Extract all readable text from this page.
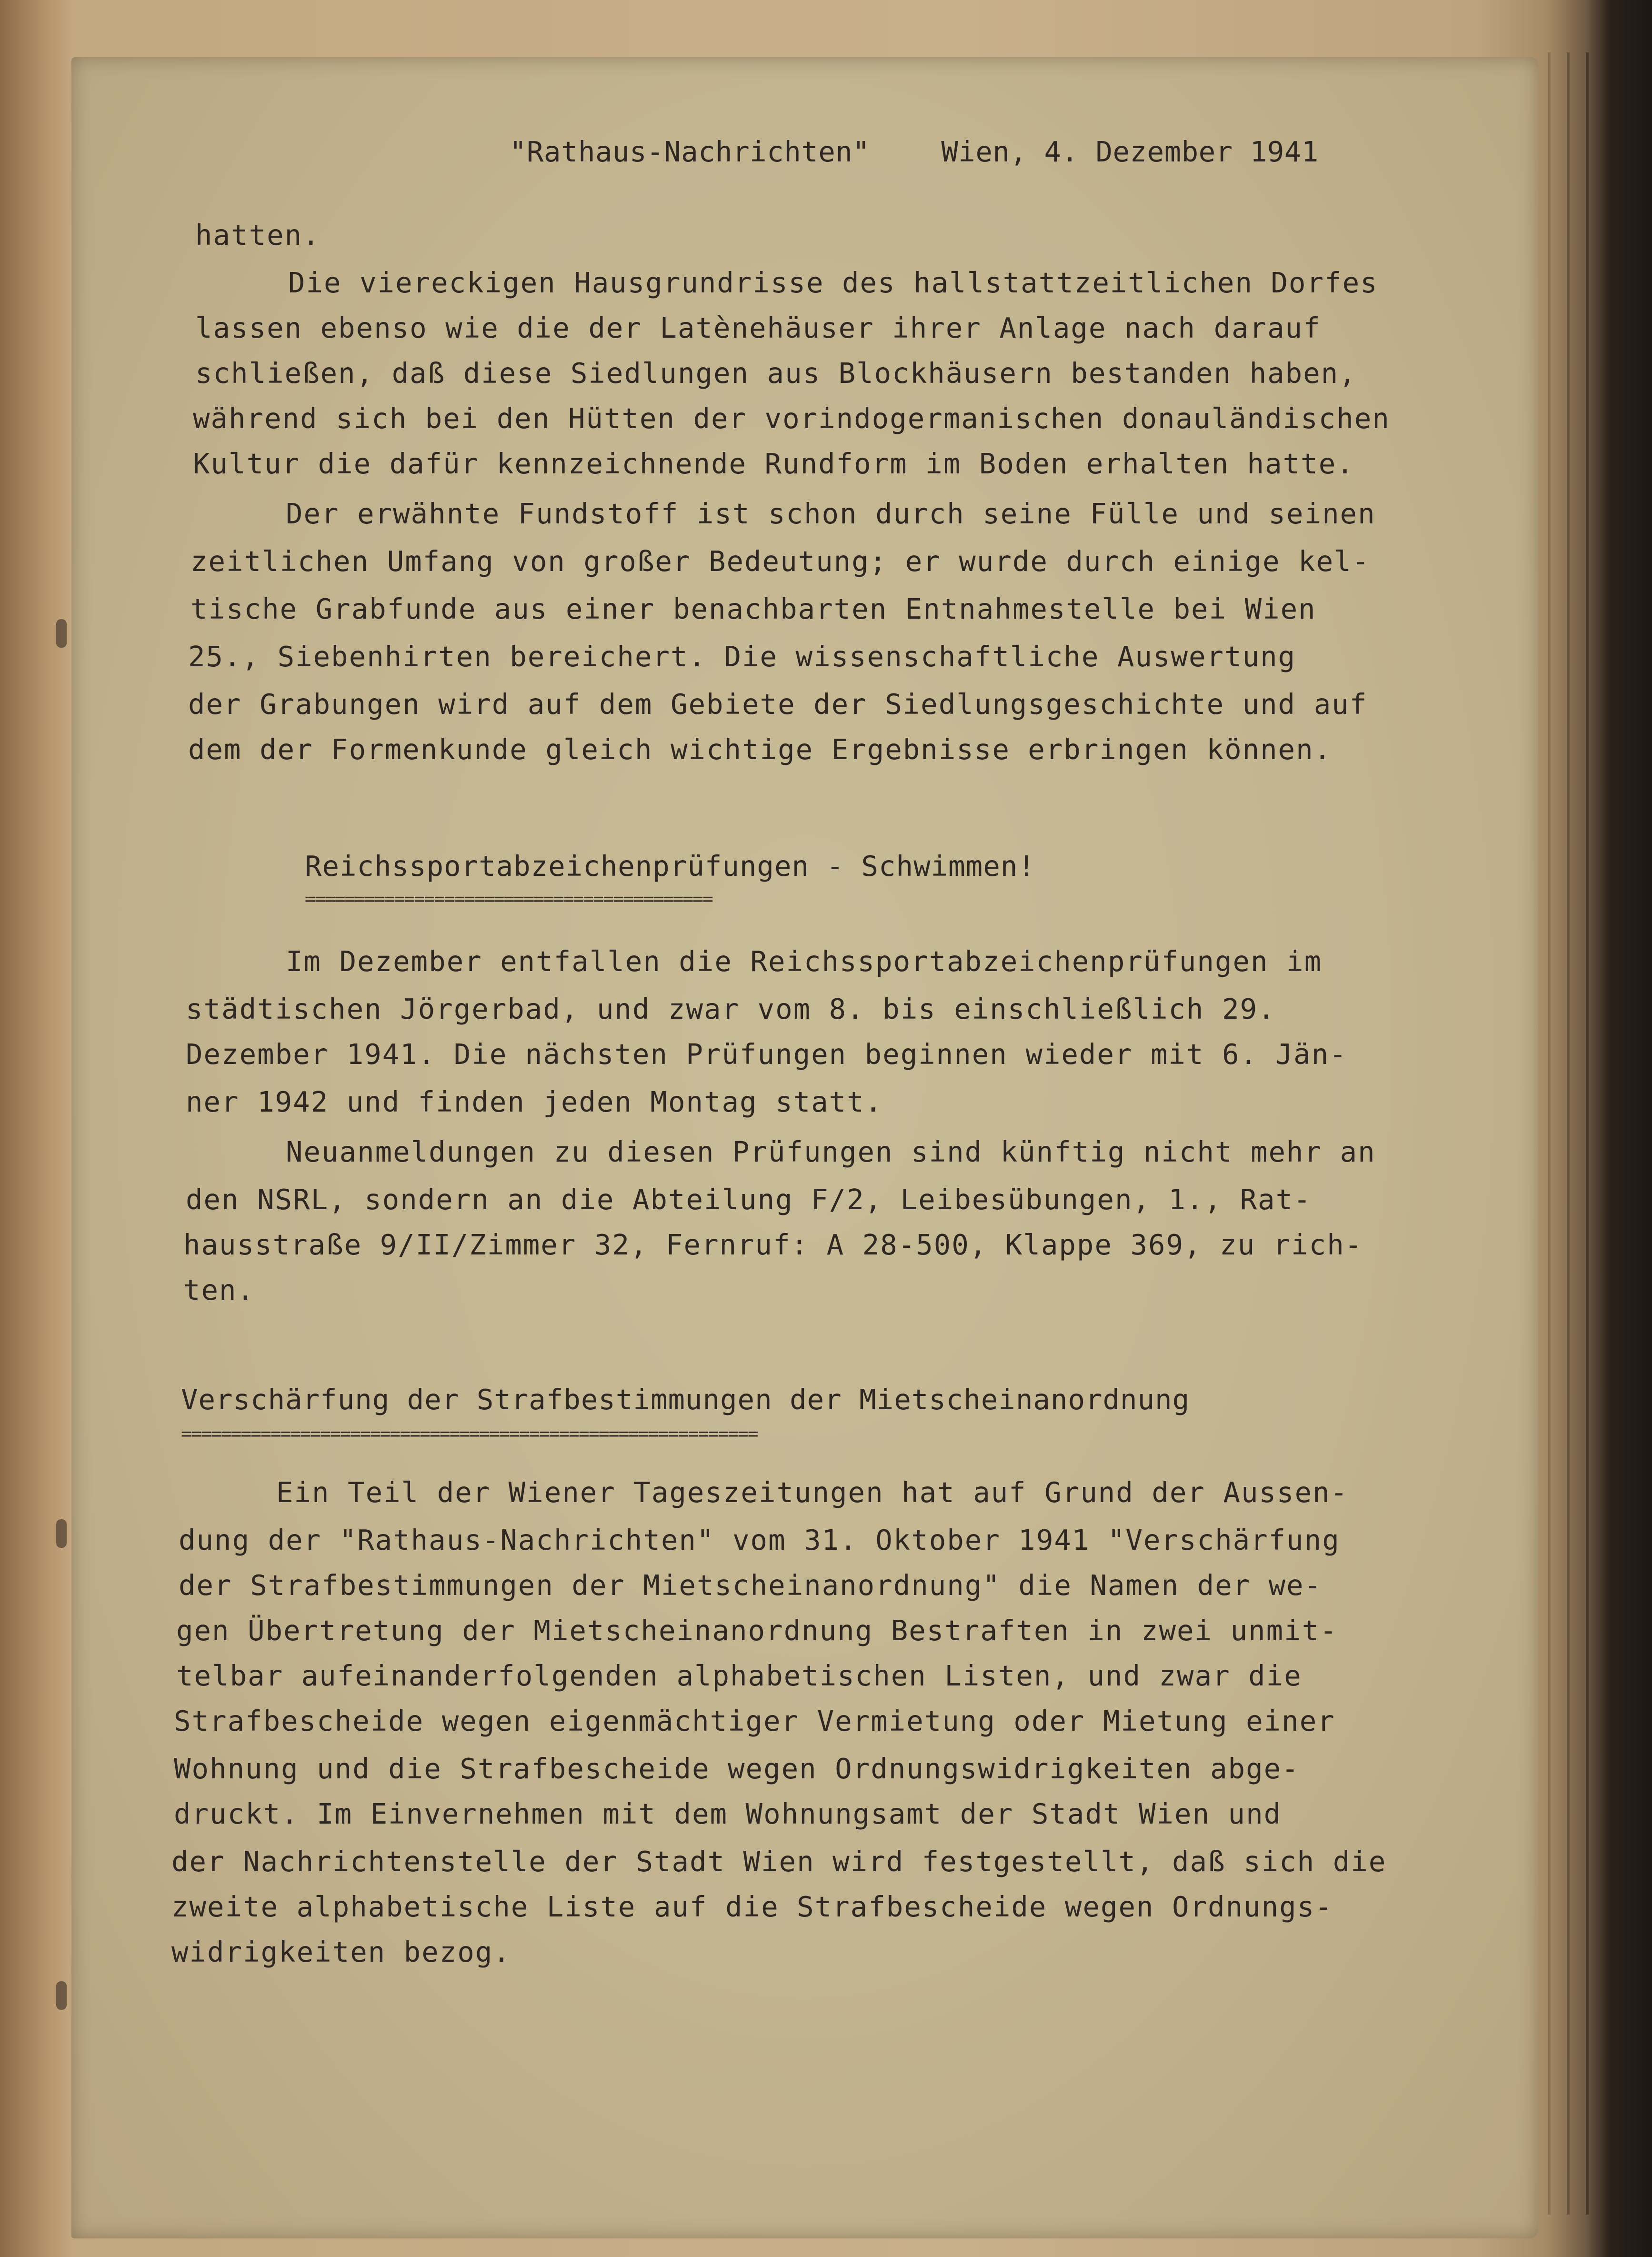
"Rathaus-Nachrichten"	Wien, 4. Dezember 1941
hatten.
Die viereckigen Hausgrundrisse des hallstattzeitlichen Dorfes
lassen ebenso wie die der Latènehäuser ihrer Anlage nach darauf
schließen, daß diese Siedlungen aus Blockhäusern bestanden haben,
während sich bei den Hütten der vorindogermanischen donauländischen
Kultur die dafür kennzeichnende Rundform im Boden erhalten hatte.
Der erwähnte Fundstoff ist schon durch seine Fülle und seinen
zeitlichen Umfang von großer Bedeutung; er wurde durch einige kel-
tische Grabfunde aus einer benachbarten Entnahmestelle bei Wien
25., Siebenhirten bereichert. Die wissenschaftliche Auswertung
der Grabungen wird auf dem Gebiete der Siedlungsgeschichte und auf
dem der Formenkunde gleich wichtige Ergebnisse erbringen können.
Reichssportabzeichenprüfungen - Schwimmen!
=========================================
Im Dezember entfallen die Reichssportabzeichenprüfungen im
städtischen Jörgerbad, und zwar vom 8. bis einschließlich 29.
Dezember 1941. Die nächsten Prüfungen beginnen wieder mit 6. Jän-
ner 1942 und finden jeden Montag statt.
Neuanmeldungen zu diesen Prüfungen sind künftig nicht mehr an
den NSRL, sondern an die Abteilung F/2, Leibesübungen, 1., Rat-
hausstraße 9/II/Zimmer 32, Fernruf: A 28-500, Klappe 369, zu rich-
ten.
Verschärfung der Strafbestimmungen der Mietscheinanordnung
==========================================================
Ein Teil der Wiener Tageszeitungen hat auf Grund der Aussen-
dung der "Rathaus-Nachrichten" vom 31. Oktober 1941 "Verschärfung
der Strafbestimmungen der Mietscheinanordnung" die Namen der we-
gen Übertretung der Mietscheinanordnung Bestraften in zwei unmit-
telbar aufeinanderfolgenden alphabetischen Listen, und zwar die
Strafbescheide wegen eigenmächtiger Vermietung oder Mietung einer
Wohnung und die Strafbescheide wegen Ordnungswidrigkeiten abge-
druckt. Im Einvernehmen mit dem Wohnungsamt der Stadt Wien und
der Nachrichtenstelle der Stadt Wien wird festgestellt, daß sich die
zweite alphabetische Liste auf die Strafbescheide wegen Ordnungs-
widrigkeiten bezog.
